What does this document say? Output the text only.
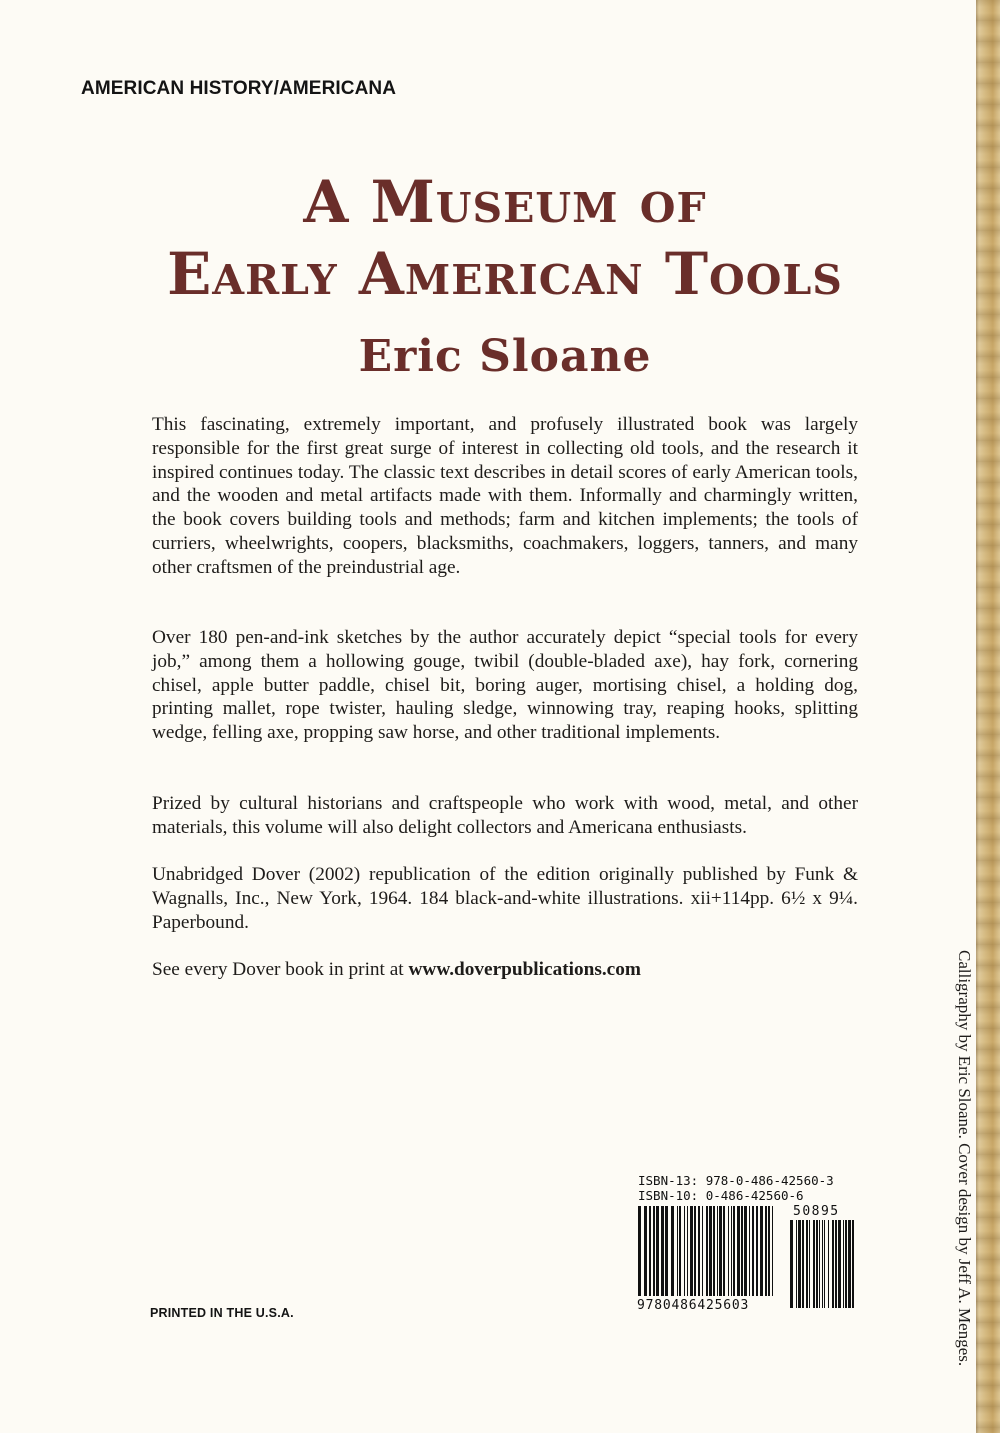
AMERICAN HISTORY/AMERICANA
A Museum of
Early American Tools
Eric Sloane

This fascinating, extremely important, and profusely illustrated book was largely responsible for the first great surge of interest in collecting old tools, and the research it inspired continues today. The classic text describes in detail scores of early American tools, and the wooden and metal artifacts made with them. Informally and charmingly written, the book covers building tools and methods; farm and kitchen implements; the tools of curriers, wheelwrights, coopers, blacksmiths, coachmakers, loggers, tanners, and many other craftsmen of the preindustrial age.

Over 180 pen-and-ink sketches by the author accurately depict “special tools for every job,” among them a hollowing gouge, twibil (double-bladed axe), hay fork, cornering chisel, apple butter paddle, chisel bit, boring auger, mortising chisel, a holding dog, printing mallet, rope twister, hauling sledge, winnowing tray, reaping hooks, splitting wedge, felling axe, propping saw horse, and other traditional implements.

Prized by cultural historians and craftspeople who work with wood, metal, and other materials, this volume will also delight collectors and Americana enthusiasts.

Unabridged Dover (2002) republication of the edition originally published by Funk & Wagnalls, Inc., New York, 1964. 184 black-and-white illustrations. xii+114pp. 6½ x 9¼. Paperbound.

See every Dover book in print at www.doverpublications.com

PRINTED IN THE U.S.A.
ISBN-13: 978-0-486-42560-3
ISBN-10: 0-486-42560-6
50895
9780486425603	Calligraphy by Eric Sloane. Cover design by Jeff A. Menges.
